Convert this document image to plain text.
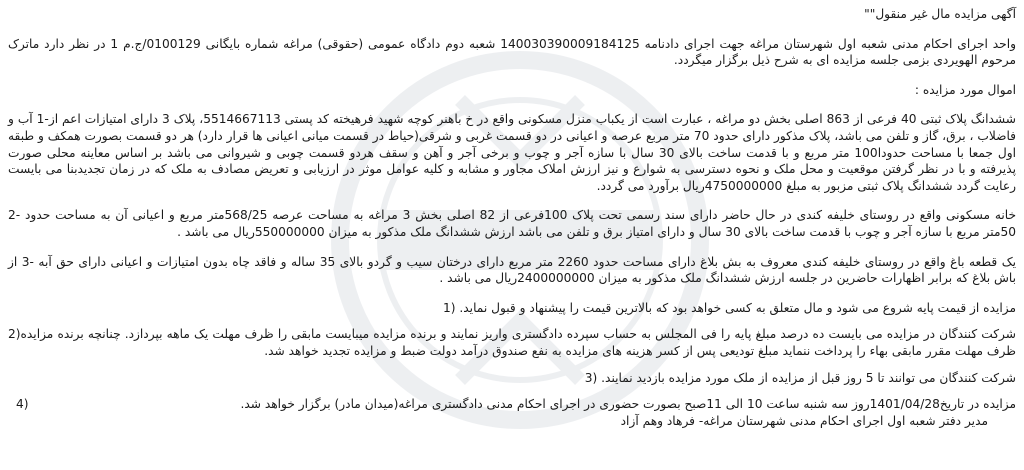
آگهی مزایده مال غیر منقول""

واحد اجرای احکام مدنی شعبه اول شهرستان مراغه جهت اجرای دادنامه 140030390009184125 شعبه دوم دادگاه عمومی (حقوقی) مراغه شماره بایگانی 0100129/ج.م 1 در نظر دارد ماترک مرحوم الهویردی بزمی جلسه مزایده ای به شرح ذیل برگزار میگردد.

اموال مورد مزایده :

ششدانگ پلاک ثبتی 40 فرعی از 863 اصلی بخش دو مراغه ، عبارت است از یکباب منزل مسکونی واقع در خ باهنر کوچه شهید فرهیخته کد پستی 5514667113، پلاک 3 دارای امتیازات اعم از-1 آب و فاضلاب ، برق، گاز و تلفن می باشد، پلاک مذکور دارای حدود 70 متر مربع عرصه و اعیانی در دو قسمت غربی و شرقی(حیاط در قسمت میانی اعیانی ها قرار دارد) هر دو قسمت بصورت همکف و طبقه اول جمعا با مساحت حدودا100 متر مربع و با قدمت ساخت بالای 30 سال با سازه آجر و چوب و برخی آجر و آهن و سقف هردو قسمت چوبی و شیروانی می باشد بر اساس معاینه محلی صورت پذیرفته و با در نظر گرفتن موقعیت و محل ملک و نحوه دسترسی به شوارع و نیز ارزش املاک مجاور و مشابه و کلیه عوامل موثر در ارزیابی و تعریض مصادف به ملک که در زمان تجدیدبنا می بایست رعایت گردد ششدانگ پلاک ثبتی مزبور به مبلغ 4750000000ریال برآورد می گردد.

خانه مسکونی واقع در روستای خلیفه کندی در حال حاضر دارای سند رسمی تحت پلاک 100فرعی از 82 اصلی بخش 3 مراغه به مساحت عرصه 568/25متر مربع و اعیانی آن به مساحت حدود -2 50متر مربع با سازه آجر و چوب با قدمت ساخت بالای 30 سال و دارای امتیاز برق و تلفن می باشد ارزش ششدانگ ملک مذکور به میزان 550000000ریال می باشد .

یک قطعه باغ واقع در روستای خلیفه کندی معروف به بش بلاغ دارای مساحت حدود 2260 متر مربع دارای درختان سیب و گردو بالای 35 ساله و فاقد چاه بدون امتیازات و اعیانی دارای حق آبه -3 از باش بلاغ که برابر اظهارات حاضرین در جلسه ارزش ششدانگ ملک مذکور به میزان 2400000000ریال می باشد .

مزایده از قیمت پایه شروع می شود و مال متعلق به کسی خواهد بود که بالاترین قیمت را پیشنهاد و قبول نماید. (1

شرکت کنندگان در مزایده می بایست ده درصد مبلغ پایه را فی المجلس به حساب سپرده دادگستری واریز نمایند و برنده مزایده میبایست مابقی را ظرف مهلت یک ماهه بپردازد. چنانچه برنده مزایده(2 ظرف مهلت مقرر مابقی بهاء را پرداخت ننماید مبلغ تودیعی پس از کسر هزینه های مزایده به نفع صندوق درآمد دولت ضبط و مزایده تجدید خواهد شد.

شرکت کنندگان می توانند تا 5 روز قبل از مزایده از ملک مورد مزایده بازدید نمایند. (3

مزایده در تاریخ1401/04/28روز سه شنبه ساعت 10 الی 11صبح بصورت حضوری در اجرای احکام مدنی دادگستری مراغه(میدان مادر) برگزار خواهد شد.
(4

مدیر دفتر شعبه اول اجرای احکام مدنی شهرستان مراغه- فرهاد وهم آزاد
